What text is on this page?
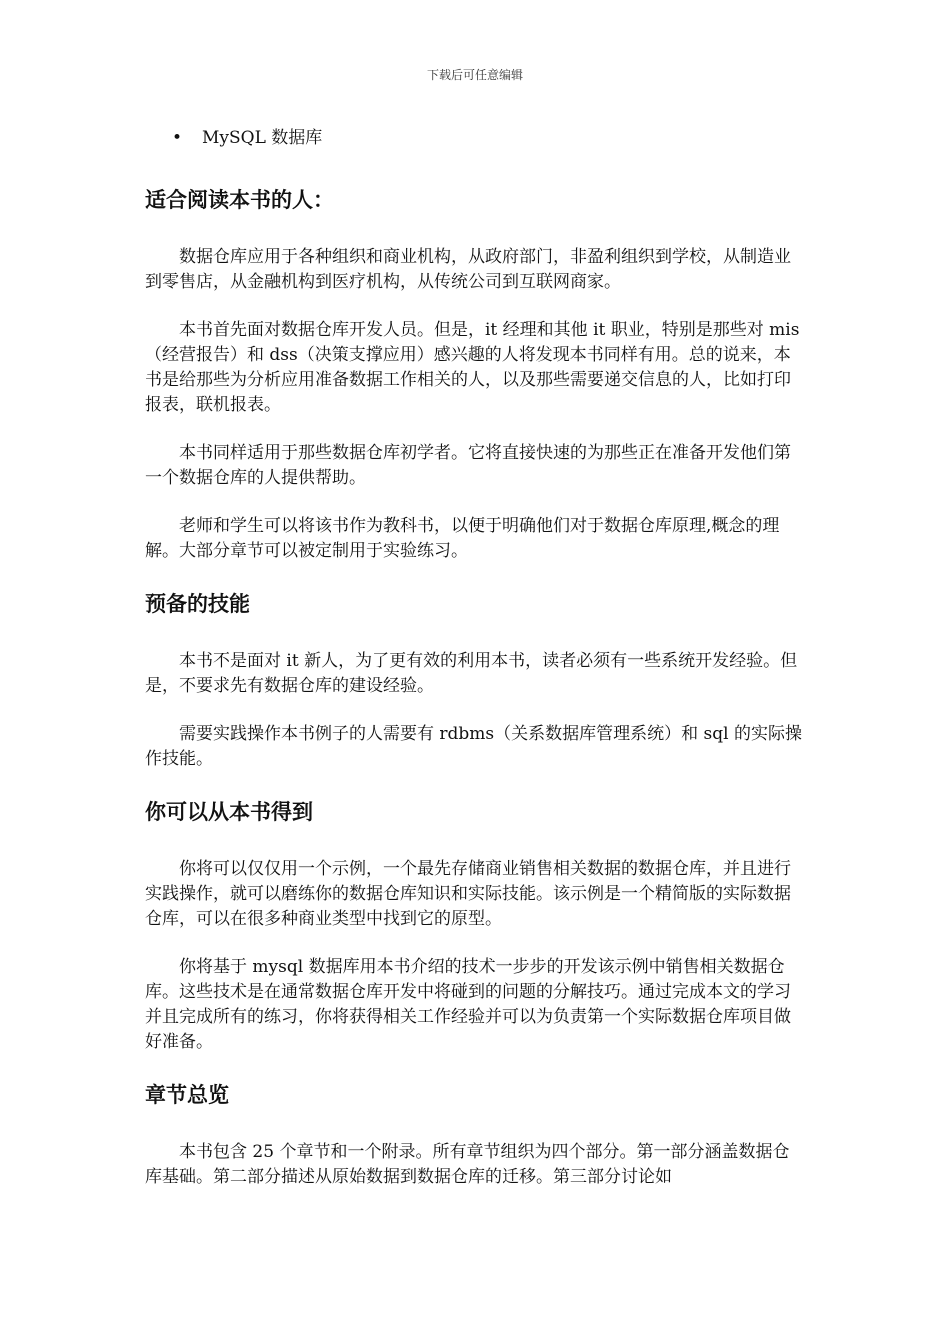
下载后可任意编辑
• MySQL 数据库
适合阅读本书的人：

数据仓库应用于各种组织和商业机构，从政府部门，非盈利组织到学校，从制造业到零售店，从金融机构到医疗机构，从传统公司到互联网商家。

本书首先面对数据仓库开发人员。但是，it 经理和其他 it 职业，特别是那些对 mis（经营报告）和 dss（决策支撑应用）感兴趣的人将发现本书同样有用。总的说来，本书是给那些为分析应用准备数据工作相关的人，以及那些需要递交信息的人，比如打印报表，联机报表。

本书同样适用于那些数据仓库初学者。它将直接快速的为那些正在准备开发他们第一个数据仓库的人提供帮助。

老师和学生可以将该书作为教科书，以便于明确他们对于数据仓库原理,概念的理解。大部分章节可以被定制用于实验练习。

预备的技能

本书不是面对 it 新人，为了更有效的利用本书，读者必须有一些系统开发经验。但是，不要求先有数据仓库的建设经验。

需要实践操作本书例子的人需要有 rdbms（关系数据库管理系统）和 sql 的实际操作技能。

你可以从本书得到

你将可以仅仅用一个示例，一个最先存储商业销售相关数据的数据仓库，并且进行实践操作，就可以磨练你的数据仓库知识和实际技能。该示例是一个精简版的实际数据仓库，可以在很多种商业类型中找到它的原型。

你将基于 mysql 数据库用本书介绍的技术一步步的开发该示例中销售相关数据仓库。这些技术是在通常数据仓库开发中将碰到的问题的分解技巧。通过完成本文的学习并且完成所有的练习，你将获得相关工作经验并可以为负责第一个实际数据仓库项目做好准备。

章节总览

本书包含 25 个章节和一个附录。所有章节组织为四个部分。第一部分涵盖数据仓库基础。第二部分描述从原始数据到数据仓库的迁移。第三部分讨论如
